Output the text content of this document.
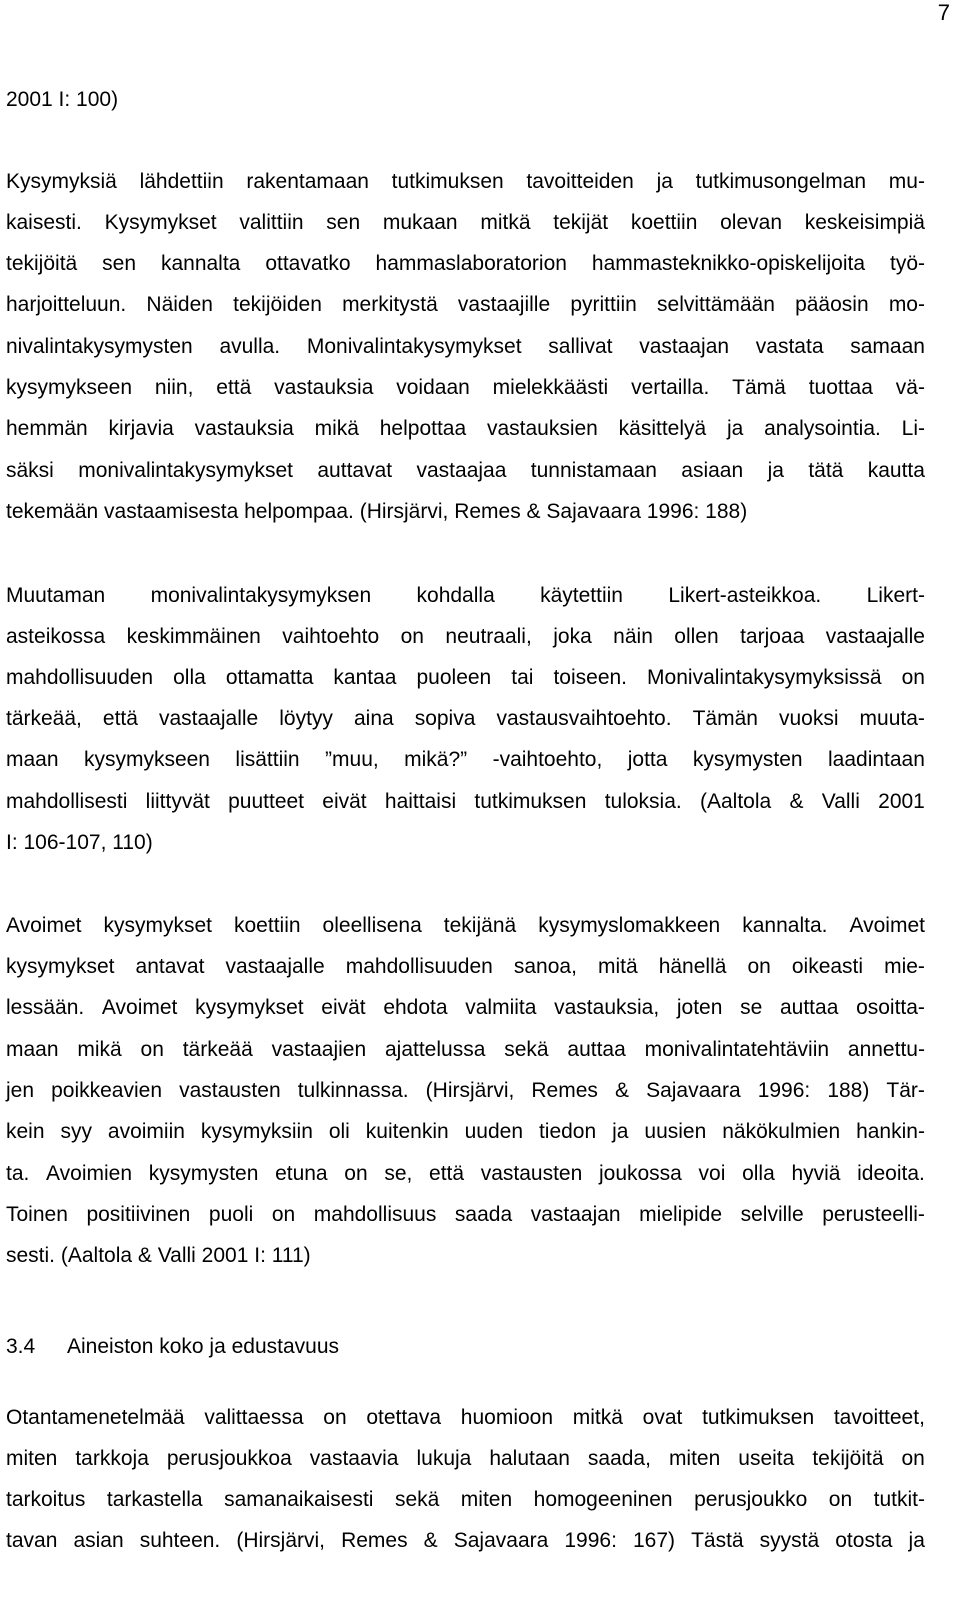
7
2001 I: 100)
Kysymyksiä lähdettiin rakentamaan tutkimuksen tavoitteiden ja tutkimusongelman mu-
kaisesti. Kysymykset valittiin sen mukaan mitkä tekijät koettiin olevan keskeisimpiä
tekijöitä sen kannalta ottavatko hammaslaboratorion hammasteknikko-opiskelijoita työ-
harjoitteluun. Näiden tekijöiden merkitystä vastaajille pyrittiin selvittämään pääosin mo-
nivalintakysymysten avulla. Monivalintakysymykset sallivat vastaajan vastata samaan
kysymykseen niin, että vastauksia voidaan mielekkäästi vertailla. Tämä tuottaa vä-
hemmän kirjavia vastauksia mikä helpottaa vastauksien käsittelyä ja analysointia. Li-
säksi monivalintakysymykset auttavat vastaajaa tunnistamaan asiaan ja tätä kautta
tekemään vastaamisesta helpompaa. (Hirsjärvi, Remes & Sajavaara 1996: 188)
Muutaman monivalintakysymyksen kohdalla käytettiin Likert-asteikkoa. Likert-
asteikossa keskimmäinen vaihtoehto on neutraali, joka näin ollen tarjoaa vastaajalle
mahdollisuuden olla ottamatta kantaa puoleen tai toiseen. Monivalintakysymyksissä on
tärkeää, että vastaajalle löytyy aina sopiva vastausvaihtoehto. Tämän vuoksi muuta-
maan kysymykseen lisättiin ”muu, mikä?” -vaihtoehto, jotta kysymysten laadintaan
mahdollisesti liittyvät puutteet eivät haittaisi tutkimuksen tuloksia. (Aaltola & Valli 2001
I: 106-107, 110)
Avoimet kysymykset koettiin oleellisena tekijänä kysymyslomakkeen kannalta. Avoimet
kysymykset antavat vastaajalle mahdollisuuden sanoa, mitä hänellä on oikeasti mie-
lessään. Avoimet kysymykset eivät ehdota valmiita vastauksia, joten se auttaa osoitta-
maan mikä on tärkeää vastaajien ajattelussa sekä auttaa monivalintatehtäviin annettu-
jen poikkeavien vastausten tulkinnassa. (Hirsjärvi, Remes & Sajavaara 1996: 188) Tär-
kein syy avoimiin kysymyksiin oli kuitenkin uuden tiedon ja uusien näkökulmien hankin-
ta. Avoimien kysymysten etuna on se, että vastausten joukossa voi olla hyviä ideoita.
Toinen positiivinen puoli on mahdollisuus saada vastaajan mielipide selville perusteelli-
sesti. (Aaltola & Valli 2001 I: 111)
Otantamenetelmää valittaessa on otettava huomioon mitkä ovat tutkimuksen tavoitteet,
miten tarkkoja perusjoukkoa vastaavia lukuja halutaan saada, miten useita tekijöitä on
tarkoitus tarkastella samanaikaisesti sekä miten homogeeninen perusjoukko on tutkit-
tavan asian suhteen. (Hirsjärvi, Remes & Sajavaara 1996: 167) Tästä syystä otosta ja
3.4 Aineiston koko ja edustavuus
